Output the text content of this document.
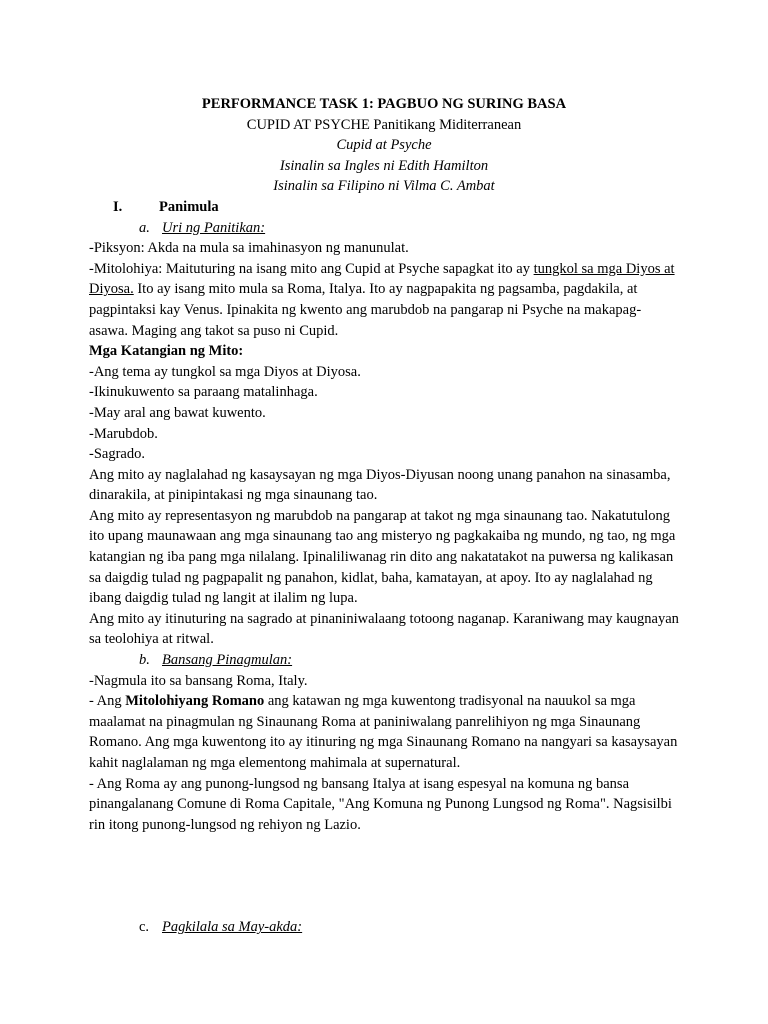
PERFORMANCE TASK 1: PAGBUO NG SURING BASA
CUPID AT PSYCHE Panitikang Miditerranean
Cupid at Psyche
Isinalin sa Ingles ni Edith Hamilton
Isinalin sa Filipino ni Vilma C. Ambat
I.	Panimula
a. Uri ng Panitikan:

-Piksyon: Akda na mula sa imahinasyon ng manunulat.

-Mitolohiya: Maituturing na isang mito ang Cupid at Psyche sapagkat ito ay tungkol sa mga Diyos at Diyosa. Ito ay isang mito mula sa Roma, Italya. Ito ay nagpapakita ng pagsamba, pagdakila, at pagpintaksi kay Venus. Ipinakita ng kwento ang marubdob na pangarap ni Psyche na makapag-asawa. Maging ang takot sa puso ni Cupid.

Mga Katangian ng Mito:
-Ang tema ay tungkol sa mga Diyos at Diyosa.
-Ikinukuwento sa paraang matalinhaga.
-May aral ang bawat kuwento.
-Marubdob.
-Sagrado.

Ang mito ay naglalahad ng kasaysayan ng mga Diyos-Diyusan noong unang panahon na sinasamba, dinarakila, at pinipintakasi ng mga sinaunang tao.

Ang mito ay representasyon ng marubdob na pangarap at takot ng mga sinaunang tao. Nakatutulong ito upang maunawaan ang mga sinaunang tao ang misteryo ng pagkakaiba ng mundo, ng tao, ng mga katangian ng iba pang mga nilalang. Ipinaliliwanag rin dito ang nakatatakot na puwersa ng kalikasan sa daigdig tulad ng pagpapalit ng panahon, kidlat, baha, kamatayan, at apoy. Ito ay naglalahad ng ibang daigdig tulad ng langit at ilalim ng lupa.

Ang mito ay itinuturing na sagrado at pinaniniwalaang totoong naganap. Karaniwang may kaugnayan sa teolohiya at ritwal.

b. Bansang Pinagmulan:

-Nagmula ito sa bansang Roma, Italy.

- Ang Mitolohiyang Romano ang katawan ng mga kuwentong tradisyonal na nauukol sa mga maalamat na pinagmulan ng Sinaunang Roma at paniniwalang panrelihiyon ng mga Sinaunang Romano. Ang mga kuwentong ito ay itinuring ng mga Sinaunang Romano na nangyari sa kasaysayan kahit naglalaman ng mga elementong mahimala at supernatural.

- Ang Roma ay ang punong-lungsod ng bansang Italya at isang espesyal na komuna ng bansa pinangalanang Comune di Roma Capitale, "Ang Komuna ng Punong Lungsod ng Roma". Nagsisilbi rin itong punong-lungsod ng rehiyon ng Lazio.

c. Pagkilala sa May-akda:
